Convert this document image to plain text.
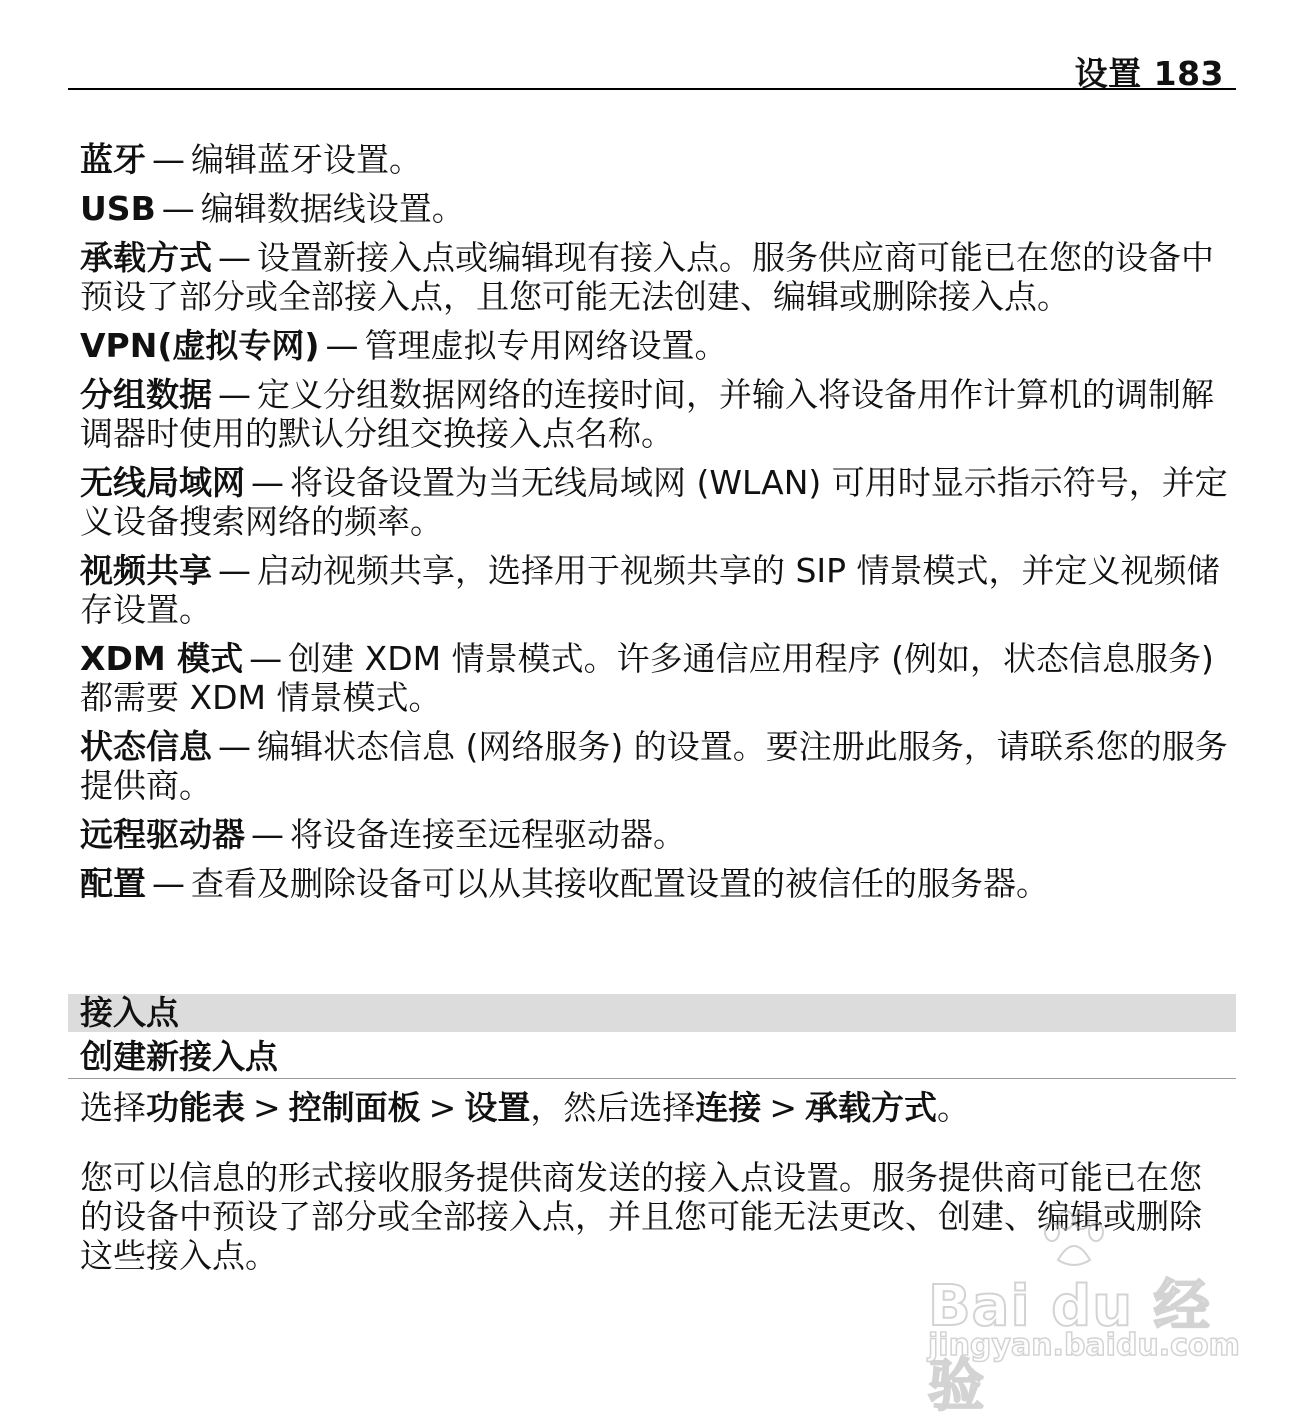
设置 183
蓝牙 — 编辑蓝牙设置。
USB — 编辑数据线设置。
承载方式 — 设置新接入点或编辑现有接入点。服务供应商可能已在您的设备中预设了部分或全部接入点，且您可能无法创建、编辑或删除接入点。
VPN(虚拟专网) — 管理虚拟专用网络设置。
分组数据 — 定义分组数据网络的连接时间，并输入将设备用作计算机的调制解调器时使用的默认分组交换接入点名称。
无线局域网 — 将设备设置为当无线局域网 (WLAN) 可用时显示指示符号，并定义设备搜索网络的频率。
视频共享 — 启动视频共享，选择用于视频共享的 SIP 情景模式，并定义视频储存设置。
XDM 模式 — 创建 XDM 情景模式。许多通信应用程序 (例如，状态信息服务) 都需要 XDM 情景模式。
状态信息 — 编辑状态信息 (网络服务) 的设置。要注册此服务，请联系您的服务提供商。
远程驱动器 — 将设备连接至远程驱动器。
配置 — 查看及删除设备可以从其接收配置设置的被信任的服务器。
接入点
创建新接入点
选择功能表 > 控制面板 > 设置，然后选择连接 > 承载方式。
您可以信息的形式接收服务提供商发送的接入点设置。服务提供商可能已在您的设备中预设了部分或全部接入点，并且您可能无法更改、创建、编辑或删除这些接入点。
Bai du 经验
jingyan.baidu.com
